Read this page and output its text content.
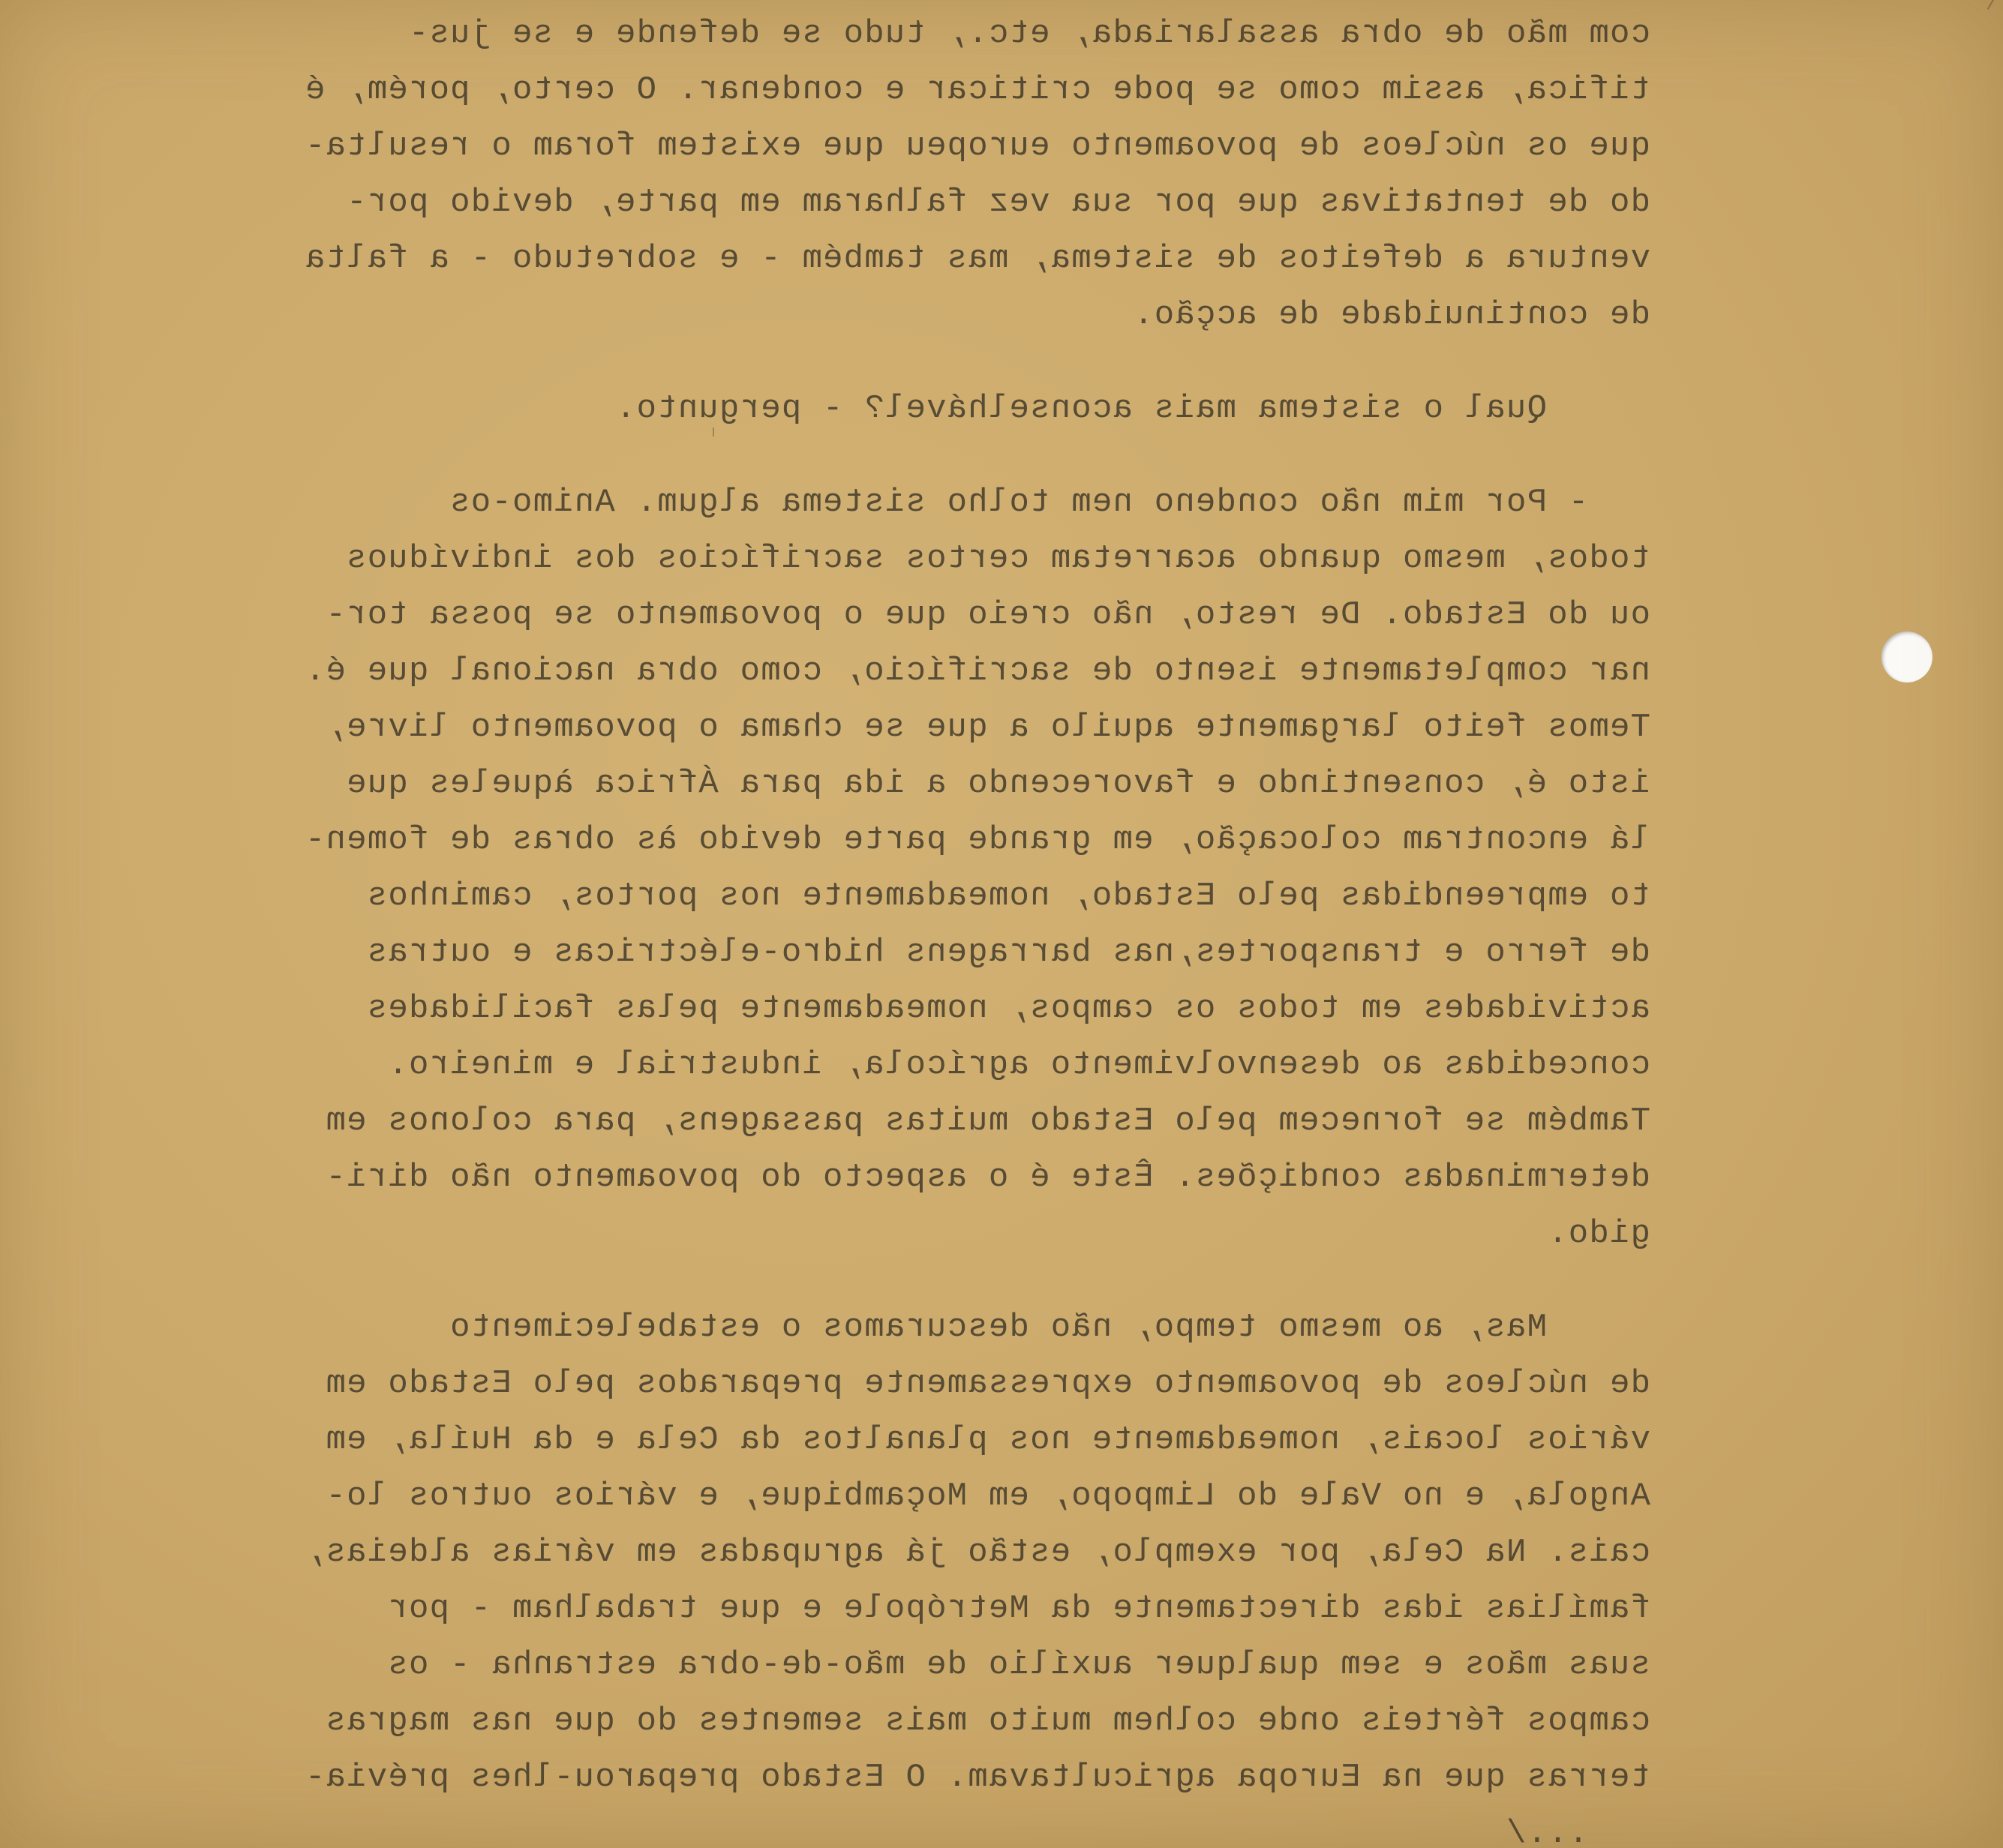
com mão de obra assalariada, etc., tudo se defende e se jus-
tifica, assim como se pode criticar e condenar. O certo, porém, é
que os núcleos de povoamento europeu que existem foram o resulta-
do de tentativas que por sua vez falharam em parte, devido por-
ventura a defeitos de sistema, mas também - e sobretudo - a falta
de continuidade de acção.
Qual o sistema mais aconselhável? - pergunto.
- Por mim não condeno nem tolho sistema algum. Animo-os
todos, mesmo quando acarretam certos sacrifícios dos indivíduos
ou do Estado. De resto, não creio que o povoamento se possa tor-
nar completamente isento de sacrifício, como obra nacional que é.
Temos feito largamente aquilo a que se chama o povoamento livre,
isto é, consentindo e favorecendo a ida para África àqueles que
lá encontram colocação, em grande parte devido às obras de fomen-
to empreendidas pelo Estado, nomeadamente nos portos, caminhos
de ferro e transportes,nas barragens hidro-eléctricas e outras
actividades em todos os campos, nomeadamente pelas facilidades
concedidas ao desenvolvimento agrícola, industrial e mineiro.
Também se fornecem pelo Estado muitas passagens, para colonos em
determinadas condições. Êste é o aspecto do povoamento não diri-
gido.
Mas, ao mesmo tempo, não descuramos o estabelecimento
de núcleos de povoamento expressamente preparados pelo Estado em
vários locais, nomeadamente nos planaltos da Cela e da Huíla, em
Angola, e no Vale do Limpopo, em Moçambique, e vários outros lo-
cais. Na Cela, por exemplo, estão já agrupadas em várias aldeias,
famílias idas directamente da Metrópole e que trabalham - por
suas mãos e sem qualquer auxílio de mão-de-obra estranha - os
campos férteis onde colhem muito mais sementes do que nas magras
terras que na Europa agricultavam. O Estado preparou-lhes prévia-
.../
